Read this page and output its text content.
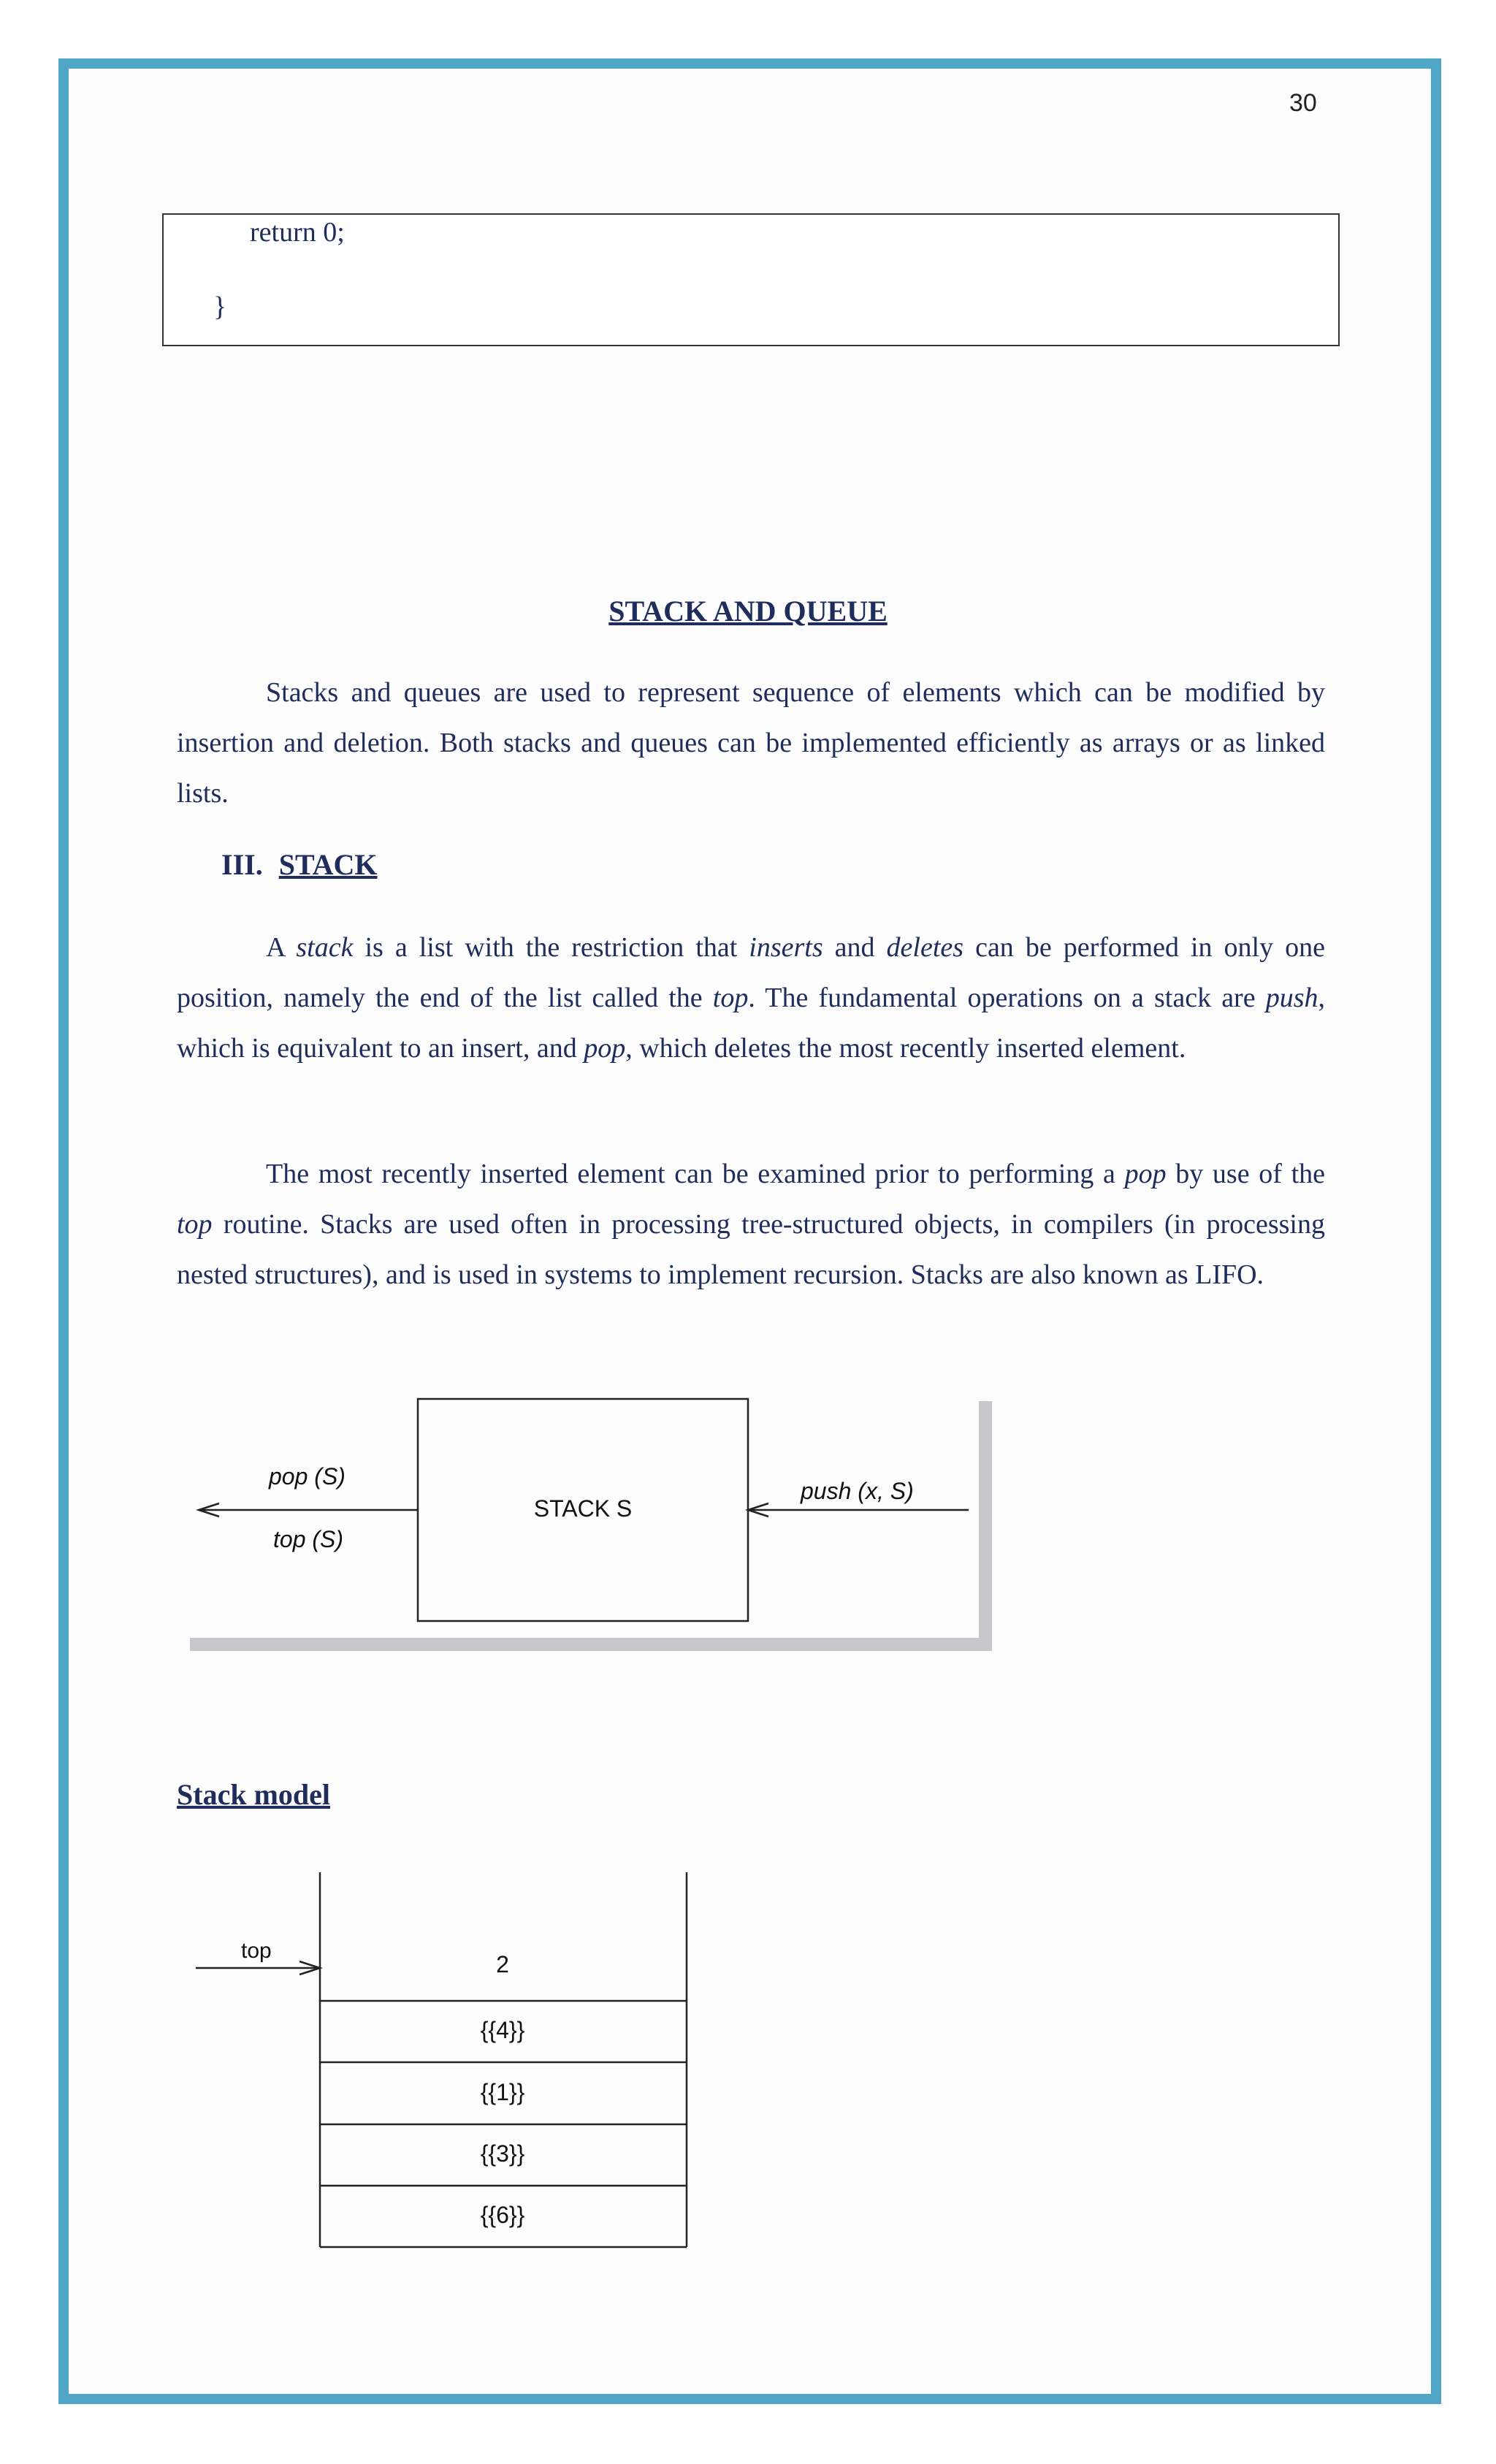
30
return 0;
}
STACK AND QUEUE
Stacks and queues are used to represent sequence of elements which can be modified by insertion and deletion. Both stacks and queues can be implemented efficiently as arrays or as linked lists.
III. STACK
A stack is a list with the restriction that inserts and deletes can be performed in only one position, namely the end of the list called the top. The fundamental operations on a stack are push, which is equivalent to an insert, and pop, which deletes the most recently inserted element.
The most recently inserted element can be examined prior to performing a pop by use of the top routine. Stacks are used often in processing tree-structured objects, in compilers (in processing nested structures), and is used in systems to implement recursion. Stacks are also known as LIFO.
STACK S
pop (S)
top (S)
push (x, S)
2
{{4}}
{{1}}
{{3}}
{{6}}
top
Stack model
